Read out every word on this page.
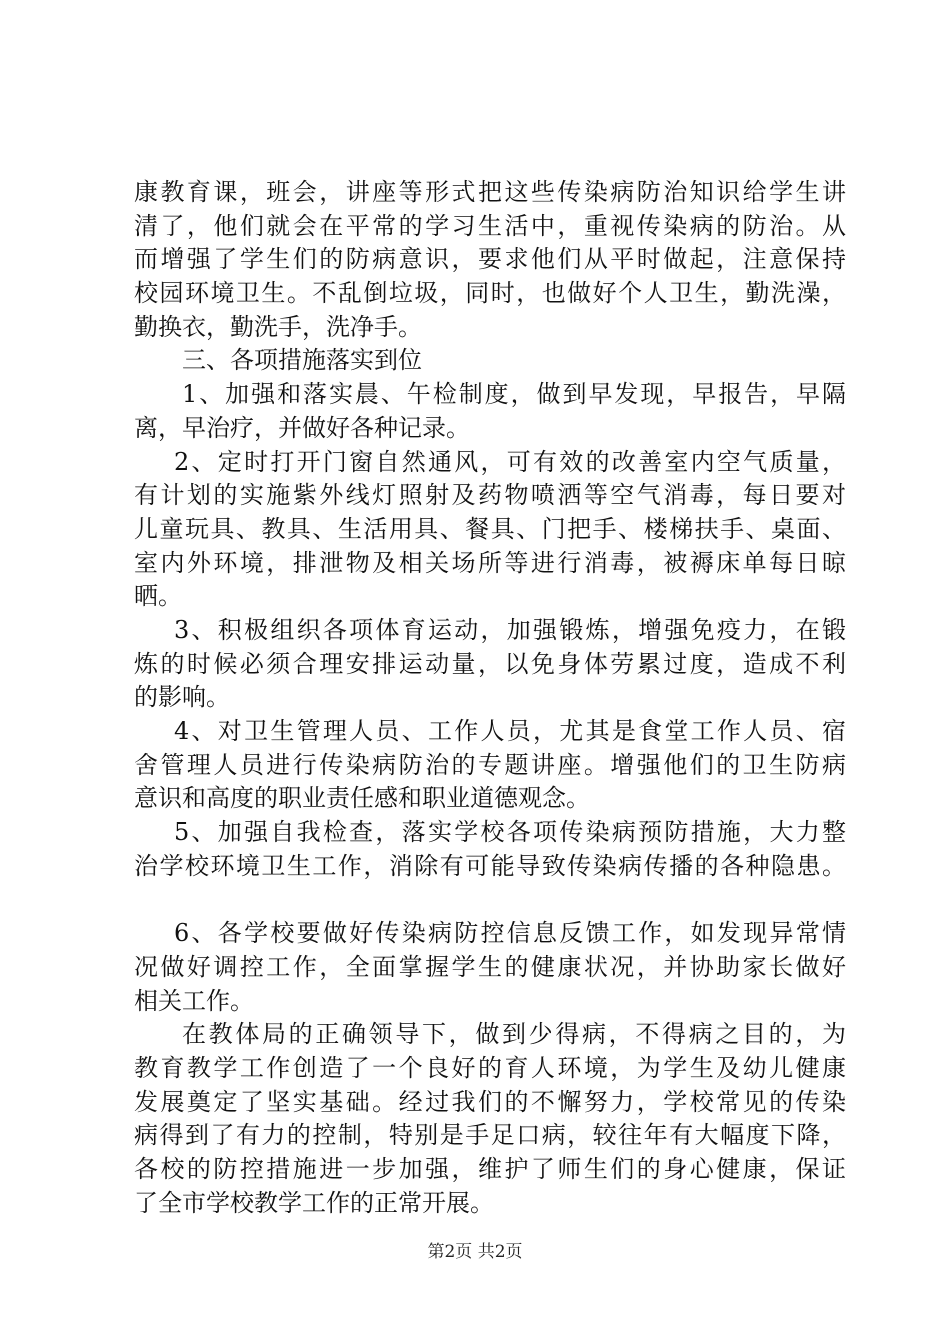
康教育课，班会，讲座等形式把这些传染病防治知识给学生讲
清了，他们就会在平常的学习生活中，重视传染病的防治。从
而增强了学生们的防病意识，要求他们从平时做起，注意保持
校园环境卫生。不乱倒垃圾，同时，也做好个人卫生，勤洗澡，
勤换衣，勤洗手，洗净手。
三、各项措施落实到位
1、加强和落实晨、午检制度，做到早发现，早报告，早隔
离，早治疗，并做好各种记录。
2、定时打开门窗自然通风，可有效的改善室内空气质量，
有计划的实施紫外线灯照射及药物喷洒等空气消毒，每日要对
儿童玩具、教具、生活用具、餐具、门把手、楼梯扶手、桌面、
室内外环境，排泄物及相关场所等进行消毒，被褥床单每日晾
晒。
3、积极组织各项体育运动，加强锻炼，增强免疫力，在锻
炼的时候必须合理安排运动量，以免身体劳累过度，造成不利
的影响。
4、对卫生管理人员、工作人员，尤其是食堂工作人员、宿
舍管理人员进行传染病防治的专题讲座。增强他们的卫生防病
意识和高度的职业责任感和职业道德观念。
5、加强自我检查，落实学校各项传染病预防措施，大力整
治学校环境卫生工作，消除有可能导致传染病传播的各种隐患。
6、各学校要做好传染病防控信息反馈工作，如发现异常情
况做好调控工作，全面掌握学生的健康状况，并协助家长做好
相关工作。
在教体局的正确领导下，做到少得病，不得病之目的，为
教育教学工作创造了一个良好的育人环境，为学生及幼儿健康
发展奠定了坚实基础。经过我们的不懈努力，学校常见的传染
病得到了有力的控制，特别是手足口病，较往年有大幅度下降，
各校的防控措施进一步加强，维护了师生们的身心健康，保证
了全市学校教学工作的正常开展。
第2页 共2页
